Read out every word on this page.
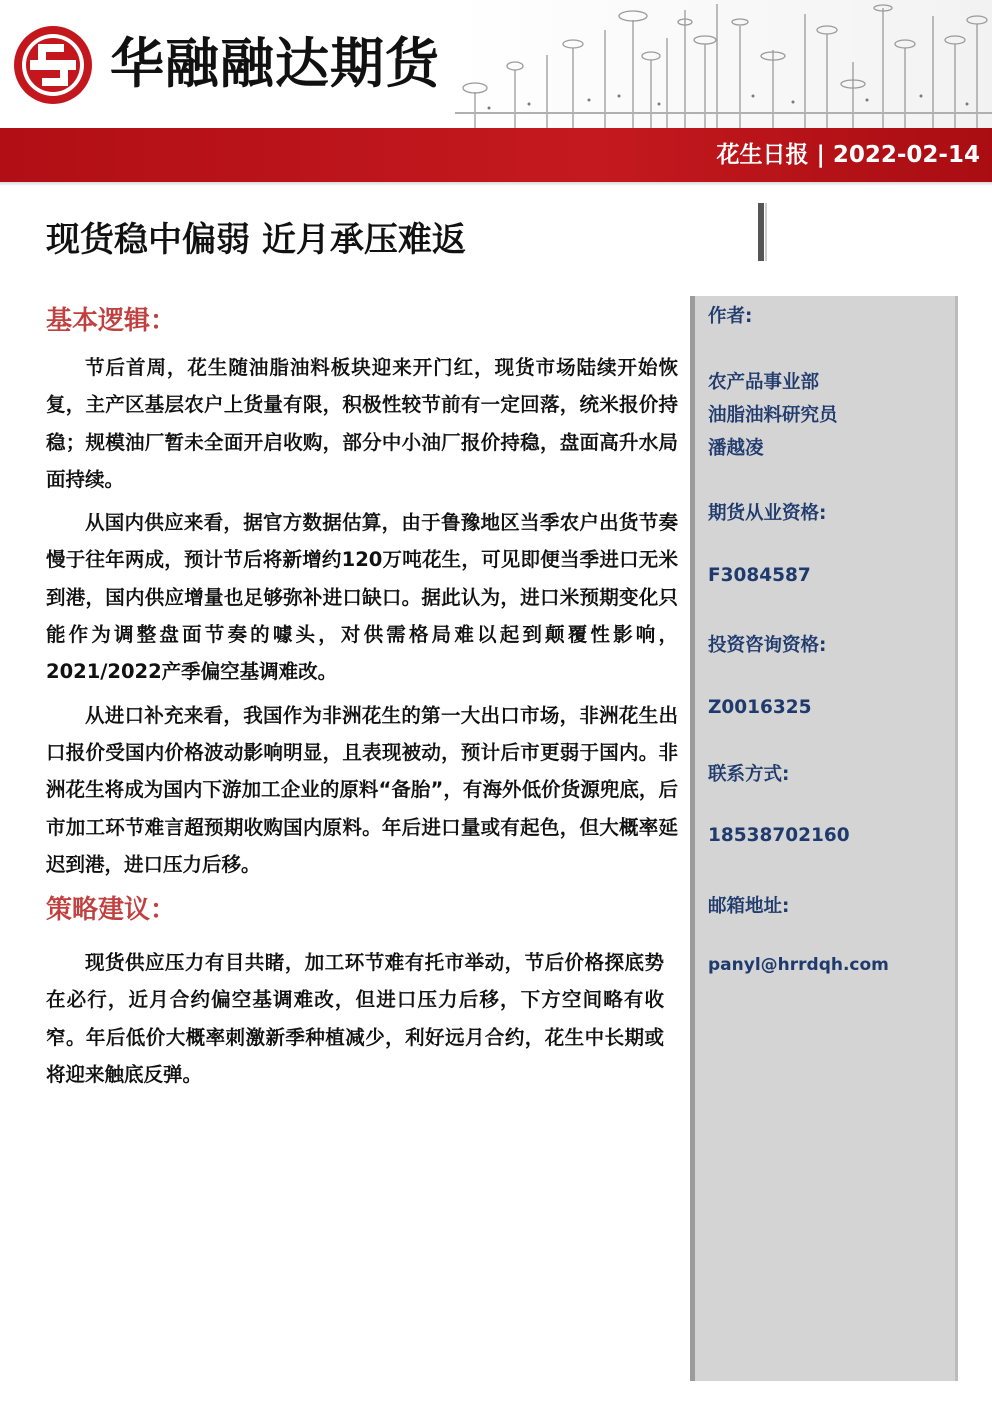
华融融达期货
花生日报 | 2022-02-14
现货稳中偏弱 近月承压难返
基本逻辑：

节后首周，花生随油脂油料板块迎来开门红，现货市场陆续开始恢复，主产区基层农户上货量有限，积极性较节前有一定回落，统米报价持稳；规模油厂暂未全面开启收购，部分中小油厂报价持稳，盘面高升水局面持续。

从国内供应来看，据官方数据估算，由于鲁豫地区当季农户出货节奏慢于往年两成，预计节后将新增约120万吨花生，可见即便当季进口无米到港，国内供应增量也足够弥补进口缺口。据此认为，进口米预期变化只能作为调整盘面节奏的噱头，对供需格局难以起到颠覆性影响，2021/2022产季偏空基调难改。

从进口补充来看，我国作为非洲花生的第一大出口市场，非洲花生出口报价受国内价格波动影响明显，且表现被动，预计后市更弱于国内。非洲花生将成为国内下游加工企业的原料“备胎”，有海外低价货源兜底，后市加工环节难言超预期收购国内原料。年后进口量或有起色，但大概率延迟到港，进口压力后移。

策略建议：

现货供应压力有目共睹，加工环节难有托市举动，节后价格探底势在必行，近月合约偏空基调难改，但进口压力后移，下方空间略有收窄。年后低价大概率刺激新季种植减少，利好远月合约，花生中长期或将迎来触底反弹。

作者:
农产品事业部
油脂油料研究员
潘越凌
期货从业资格:
F3084587
投资咨询资格:
Z0016325
联系方式:
18538702160
邮箱地址:
panyl@hrrdqh.com
